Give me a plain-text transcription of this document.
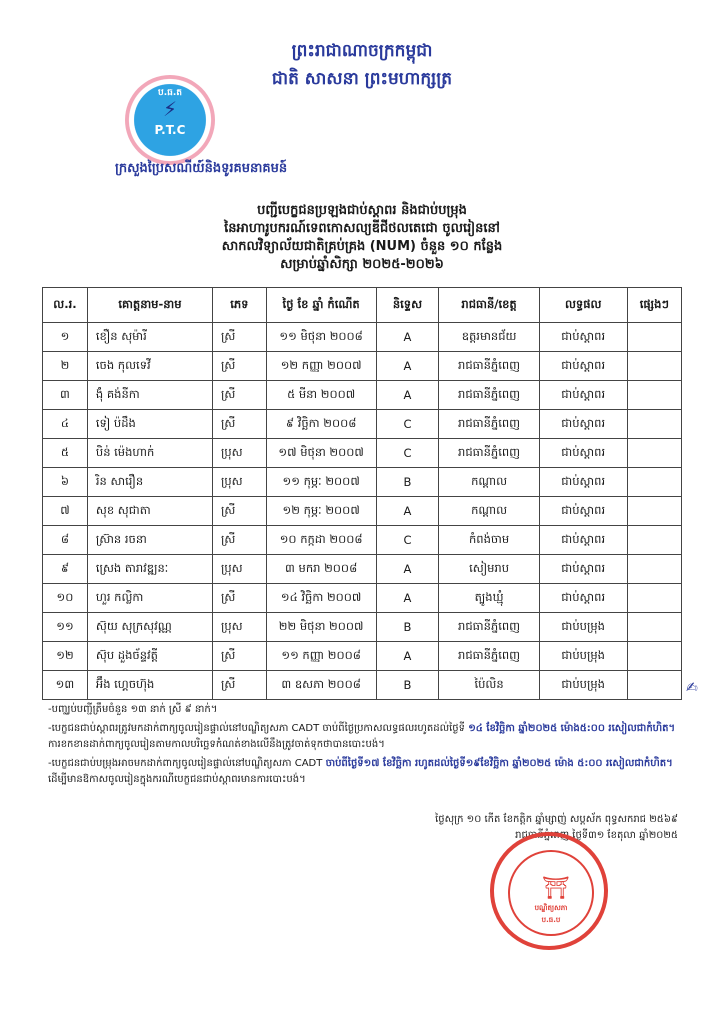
ព្រះរាជាណាចក្រកម្ពុជា
ជាតិ សាសនា ព្រះមហាក្សត្រ
ប.ធ.ត
⚡
P.T.C
ក្រសួងប្រៃសណីយ៍និងទូរគមនាគមន៍
បញ្ជីបេក្ខជនប្រឡងជាប់ស្ដាពរ និងជាប់បម្រុង
នៃអាហារូបករណ៍ទេពកោសល្យឌីជីថលតេជោ ចូលរៀននៅ
សាកលវិទ្យាល័យជាតិគ្រប់គ្រង (NUM) ចំនួន ១០ កន្លែង
សម្រាប់ឆ្នាំសិក្សា ២០២៥-២០២៦
ល.រ.	គោត្តនាម-នាម	ភេទ	ថ្ងៃ ខែ ឆ្នាំ កំណើត	និទ្ទេស	រាជធានី/ខេត្ត	លទ្ធផល	ផ្សេងៗ
១	ខឿន សុម៉ារី	ស្រី	១១ មិថុនា ២០០៨	A	ឧត្តរមានជ័យ	ជាប់ស្ដាពរ	
២	ចេង កុលទេវី	ស្រី	១២ កញ្ញា ២០០៧	A	រាជធានីភ្នំពេញ	ជាប់ស្ដាពរ	
៣	ង៉ុំ គង់នីកា	ស្រី	៥ មីនា ២០០៧	A	រាជធានីភ្នំពេញ	ជាប់ស្ដាពរ	
៤	ទៀ ប៉ដឹង	ស្រី	៩ វិច្ឆិកា ២០០៨	C	រាជធានីភ្នំពេញ	ជាប់ស្ដាពរ	
៥	បិន់ ម៉េងហាក់	ប្រុស	១៧ មិថុនា ២០០៧	C	រាជធានីភ្នំពេញ	ជាប់ស្ដាពរ	
៦	រិន សារឿន	ប្រុស	១១ កុម្ភៈ ២០០៧	B	កណ្ដាល	ជាប់ស្ដាពរ	
៧	សុខ សុជាតា	ស្រី	១២ កុម្ភៈ ២០០៧	A	កណ្ដាល	ជាប់ស្ដាពរ	
៨	ស្រ៊ាន រចនា	ស្រី	១០ កក្កដា ២០០៨	C	កំពង់ចាម	ជាប់ស្ដាពរ	
៩	ស្រេង តារាវឌ្ឍនៈ	ប្រុស	៣ មករា ២០០៨	A	សៀមរាប	ជាប់ស្ដាពរ	
១០	ហួរ កល្លិកា	ស្រី	១៤ វិច្ឆិកា ២០០៧	A	ត្បូងឃ្មុំ	ជាប់ស្ដាពរ	
១១	ស៊ុយ សុក្រសុវណ្ណ	ប្រុស	២២ មិថុនា ២០០៧	B	រាជធានីភ្នំពេញ	ជាប់បម្រុង	
១២	ស៊ុប ដួងច័ន្ទវត្តី	ស្រី	១១ កញ្ញា ២០០៨	A	រាជធានីភ្នំពេញ	ជាប់បម្រុង	
១៣	អ៊ឹង ហ្គេចហ៊ុង	ស្រី	៣ ឧសភា ២០០៨	B	ប៉ៃលិន	ជាប់បម្រុង		✍

-បញ្ឈប់បញ្ជីត្រឹមចំនួន ១៣ នាក់ ស្រី ៩ នាក់។

-បេក្ខជនជាប់ស្ដាពរត្រូវមកដាក់ពាក្យចូលរៀនផ្ទាល់នៅបណ្ឌិត្យសភា CADT ចាប់ពីថ្ងៃប្រកាសលទ្ធផលរហូតដល់ថ្ងៃទី ១៤ ខែវិច្ឆិកា ឆ្នាំ២០២៥ ម៉ោង៥:០០ រសៀលជាកំហិត។ ការខកខានដាក់ពាក្យចូលរៀនតាមកាលបរិច្ឆេទកំណត់ខាងលើនឹងត្រូវចាត់ទុកថាបានបោះបង់។

-បេក្ខជនជាប់បម្រុងអាចមកដាក់ពាក្យចូលរៀនផ្ទាល់នៅបណ្ឌិត្យសភា CADT ចាប់ពីថ្ងៃទី១៧ ខែវិច្ឆិកា រហូតដល់ថ្ងៃទី១៩ខែវិច្ឆិកា ឆ្នាំ២០២៥ ម៉ោង ៥:០០ រសៀលជាកំហិត។ ដើម្បីមានឱកាសចូលរៀនក្នុងករណីបេក្ខជនជាប់ស្ដាពរមានការបោះបង់។

ថ្ងៃសុក្រ ១០ កើត ខែកត្ដិក ឆ្នាំម្សាញ់ សប្ដស័ក ពុទ្ធសករាជ ២៥៦៩
រាជធានីភ្នំពេញ ថ្ងៃទី៣១ ខែតុលា ឆ្នាំ២០២៥
⛩
បណ្ឌិត្យសភា
ប.ធ.ប
